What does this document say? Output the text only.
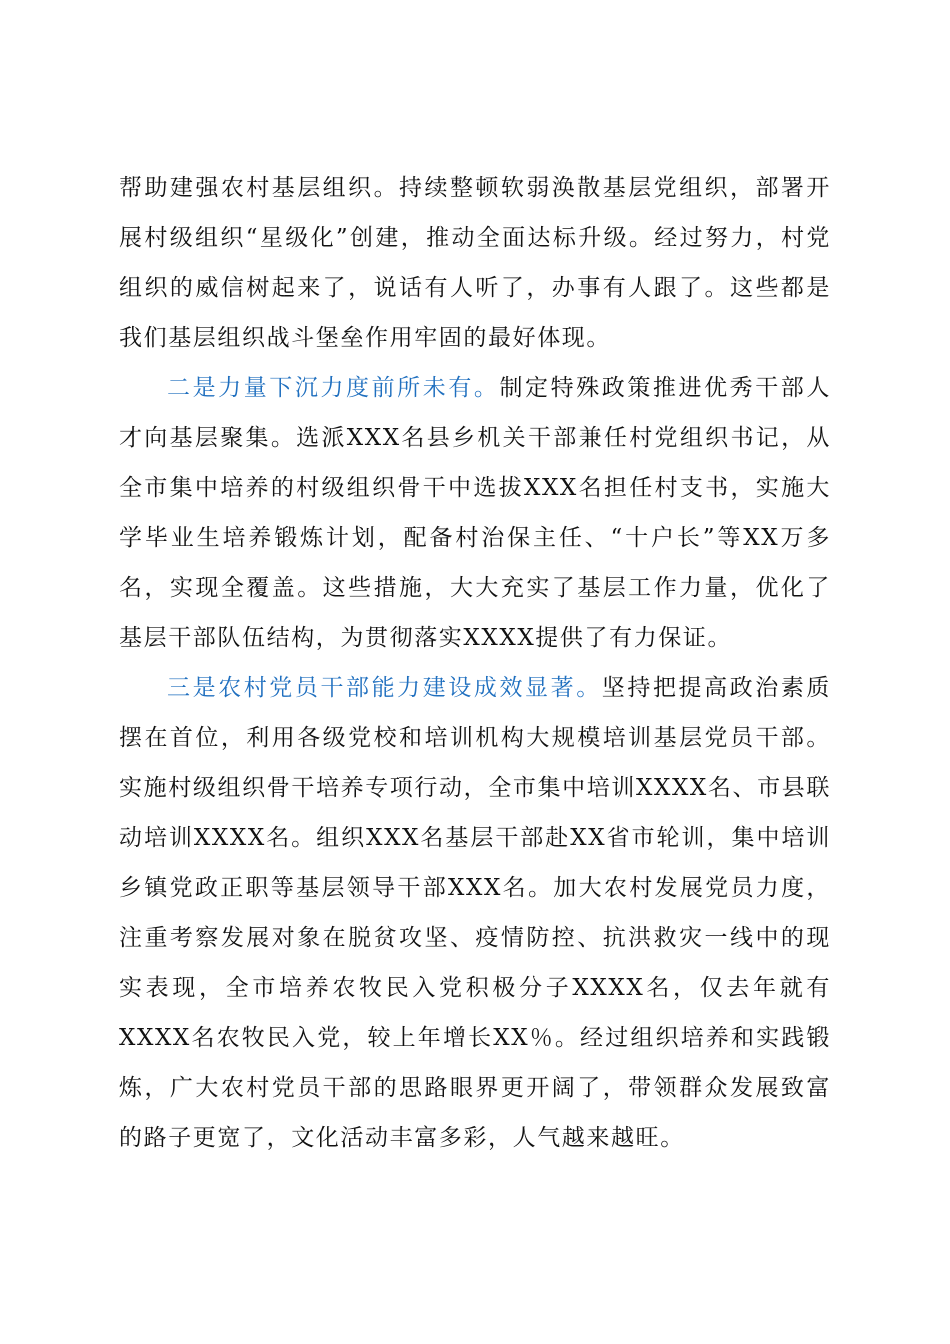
帮助建强农村基层组织。持续整顿软弱涣散基层党组织，部署开展村级组织“星级化”创建，推动全面达标升级。经过努力，村党组织的威信树起来了，说话有人听了，办事有人跟了。这些都是我们基层组织战斗堡垒作用牢固的最好体现。

二是力量下沉力度前所未有。制定特殊政策推进优秀干部人才向基层聚集。选派XXX名县乡机关干部兼任村党组织书记，从全市集中培养的村级组织骨干中选拔XXX名担任村支书，实施大学毕业生培养锻炼计划，配备村治保主任、“十户长”等XX万多名，实现全覆盖。这些措施，大大充实了基层工作力量，优化了基层干部队伍结构，为贯彻落实XXXX提供了有力保证。

三是农村党员干部能力建设成效显著。坚持把提高政治素质摆在首位，利用各级党校和培训机构大规模培训基层党员干部。实施村级组织骨干培养专项行动，全市集中培训XXXX名、市县联动培训XXXX名。组织XXX名基层干部赴XX省市轮训，集中培训乡镇党政正职等基层领导干部XXX名。加大农村发展党员力度，注重考察发展对象在脱贫攻坚、疫情防控、抗洪救灾一线中的现实表现，全市培养农牧民入党积极分子XXXX名，仅去年就有XXXX名农牧民入党，较上年增长XX％。经过组织培养和实践锻炼，广大农村党员干部的思路眼界更开阔了，带领群众发展致富的路子更宽了，文化活动丰富多彩，人气越来越旺。
